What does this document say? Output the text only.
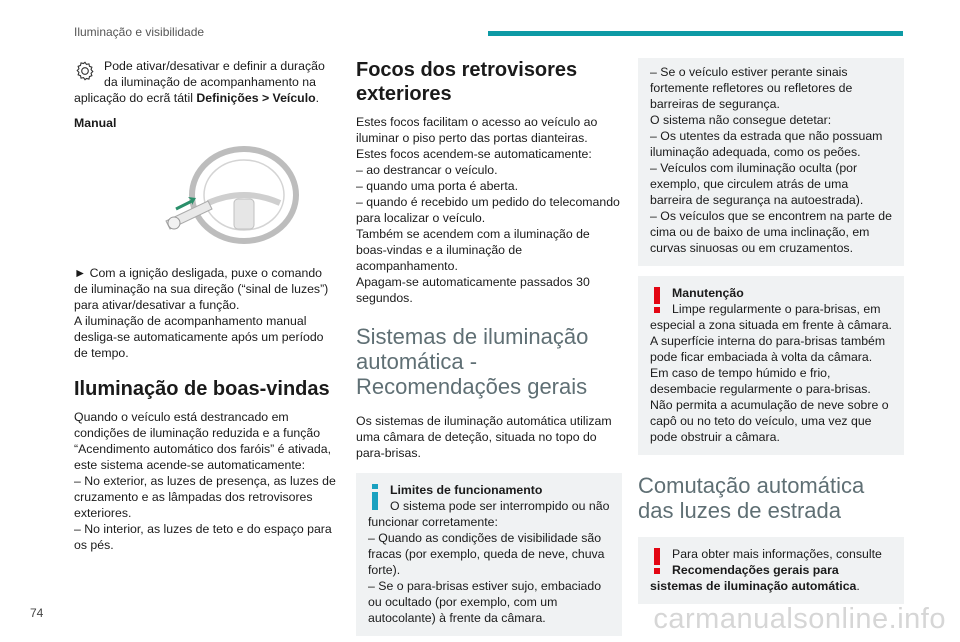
Iluminação e visibilidade

Pode ativar/desativar e definir a duração da iluminação de acompanhamento na aplicação do ecrã tátil Definições > Veículo.

Manual

► Com a ignição desligada, puxe o comando de iluminação na sua direção (“sinal de luzes”) para ativar/desativar a função.

A iluminação de acompanhamento manual desliga-se automaticamente após um período de tempo.

Iluminação de boas-vindas

Quando o veículo está destrancado em condições de iluminação reduzida e a função “Acendimento automático dos faróis” é ativada, este sistema acende-se automaticamente:

– No exterior, as luzes de presença, as luzes de cruzamento e as lâmpadas dos retrovisores exteriores.

– No interior, as luzes de teto e do espaço para os pés.

Focos dos retrovisores exteriores

Estes focos facilitam o acesso ao veículo ao iluminar o piso perto das portas dianteiras.

Estes focos acendem-se automaticamente:

– ao destrancar o veículo.

– quando uma porta é aberta.

– quando é recebido um pedido do telecomando para localizar o veículo.

Também se acendem com a iluminação de boas-vindas e a iluminação de acompanhamento.

Apagam-se automaticamente passados 30 segundos.

Sistemas de iluminação automática - Recomendações gerais

Os sistemas de iluminação automática utilizam uma câmara de deteção, situada no topo do para-brisas.

Limites de funcionamento

O sistema pode ser interrompido ou não funcionar corretamente:

– Quando as condições de visibilidade são fracas (por exemplo, queda de neve, chuva forte).

– Se o para-brisas estiver sujo, embaciado ou ocultado (por exemplo, com um autocolante) à frente da câmara.

– Se o veículo estiver perante sinais fortemente refletores ou refletores de barreiras de segurança.

O sistema não consegue detetar:

– Os utentes da estrada que não possuam iluminação adequada, como os peões.

– Veículos com iluminação oculta (por exemplo, que circulem atrás de uma barreira de segurança na autoestrada).

– Os veículos que se encontrem na parte de cima ou de baixo de uma inclinação, em curvas sinuosas ou em cruzamentos.

Manutenção

Limpe regularmente o para-brisas, em especial a zona situada em frente à câmara.

A superfície interna do para-brisas também pode ficar embaciada à volta da câmara. Em caso de tempo húmido e frio, desembacie regularmente o para-brisas.

Não permita a acumulação de neve sobre o capô ou no teto do veículo, uma vez que pode obstruir a câmara.

Comutação automática das luzes de estrada

Para obter mais informações, consulte Recomendações gerais para sistemas de iluminação automática.

74	carmanualsonline.info
